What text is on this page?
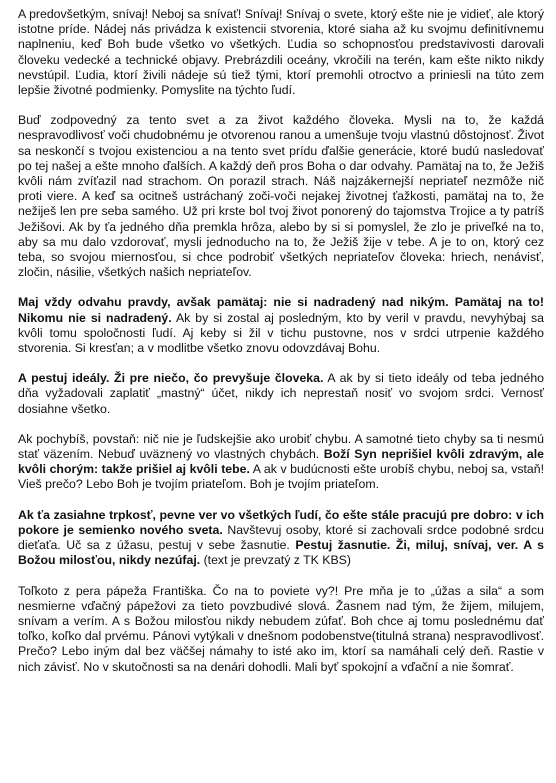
A predovšetkým, snívaj! Neboj sa snívať! Snívaj! Snívaj o svete, ktorý ešte nie je vidieť, ale ktorý istotne príde. Nádej nás privádza k existencii stvorenia, ktoré siaha až ku svojmu definitívnemu naplneniu, keď Boh bude všetko vo všetkých. Ľudia so schopnosťou predstavivosti darovali človeku vedecké a technické objavy. Prebrázdili oceány, vkročili na terén, kam ešte nikto nikdy nevstúpil. Ľudia, ktorí živili nádeje sú tiež tými, ktorí premohli otroctvo a priniesli na túto zem lepšie životné podmienky. Pomyslite na týchto ľudí.

Buď zodpovedný za tento svet a za život každého človeka. Mysli na to, že každá nespravodlivosť voči chudobnému je otvorenou ranou a umenšuje tvoju vlastnú dôstojnosť. Život sa neskončí s tvojou existenciou a na tento svet prídu ďalšie generácie, ktoré budú nasledovať po tej našej a ešte mnoho ďalších. A každý deň pros Boha o dar odvahy. Pamätaj na to, že Ježiš kvôli nám zvíťazil nad strachom. On porazil strach. Náš najzákernejší nepriateľ nezmôže nič proti viere. A keď sa ocitneš ustráchaný zoči-voči nejakej životnej ťažkosti, pamätaj na to, že nežiješ len pre seba samého. Už pri krste bol tvoj život ponorený do tajomstva Trojice a ty patríš Ježišovi. Ak by ťa jedného dňa premkla hrôza, alebo by si si pomyslel, že zlo je priveľké na to, aby sa mu dalo vzdorovať, mysli jednoducho na to, že Ježiš žije v tebe. A je to on, ktorý cez teba, so svojou miernosťou, si chce podrobiť všetkých nepriateľov človeka: hriech, nenávisť, zločin, násilie, všetkých našich nepriateľov.

Maj vždy odvahu pravdy, avšak pamätaj: nie si nadradený nad nikým. Pamätaj na to! Nikomu nie si nadradený. Ak by si zostal aj posledným, kto by veril v pravdu, nevyhýbaj sa kvôli tomu spoločnosti ľudí. Aj keby si žil v tichu pustovne, nos v srdci utrpenie každého stvorenia. Si kresťan; a v modlitbe všetko znovu odovzdávaj Bohu.

A pestuj ideály. Ži pre niečo, čo prevyšuje človeka. A ak by si tieto ideály od teba jedného dňa vyžadovali zaplatiť „mastný“ účet, nikdy ich neprestaň nosiť vo svojom srdci. Vernosť dosiahne všetko.

Ak pochybíš, povstaň: nič nie je ľudskejšie ako urobiť chybu. A samotné tieto chyby sa ti nesmú stať väzením. Nebuď uväznený vo vlastných chybách. Boží Syn neprišiel kvôli zdravým, ale kvôli chorým: takže prišiel aj kvôli tebe. A ak v budúcnosti ešte urobíš chybu, neboj sa, vstaň! Vieš prečo? Lebo Boh je tvojím priateľom. Boh je tvojím priateľom.

Ak ťa zasiahne trpkosť, pevne ver vo všetkých ľudí, čo ešte stále pracujú pre dobro: v ich pokore je semienko nového sveta. Navštevuj osoby, ktoré si zachovali srdce podobné srdcu dieťaťa. Uč sa z úžasu, pestuj v sebe žasnutie. Pestuj žasnutie. Ži, miluj, snívaj, ver. A s Božou milosťou, nikdy nezúfaj. (text je prevzatý z TK KBS)

Toľkoto z pera pápeža Františka. Čo na to poviete vy?! Pre mňa je to „úžas a sila“ a som nesmierne vďačný pápežovi za tieto povzbudivé slová. Žasnem nad tým, že žijem, milujem, snívam a verím. A s Božou milosťou nikdy nebudem zúfať. Boh chce aj tomu poslednému dať toľko, koľko dal prvému. Pánovi vytýkali v dnešnom podobenstve(titulná strana) nespravodlivosť. Prečo? Lebo iným dal bez väčšej námahy to isté ako im, ktorí sa namáhali celý deň. Rastie v nich závisť. No v skutočnosti sa na denári dohodli. Mali byť spokojní a vďační a nie šomrať.
